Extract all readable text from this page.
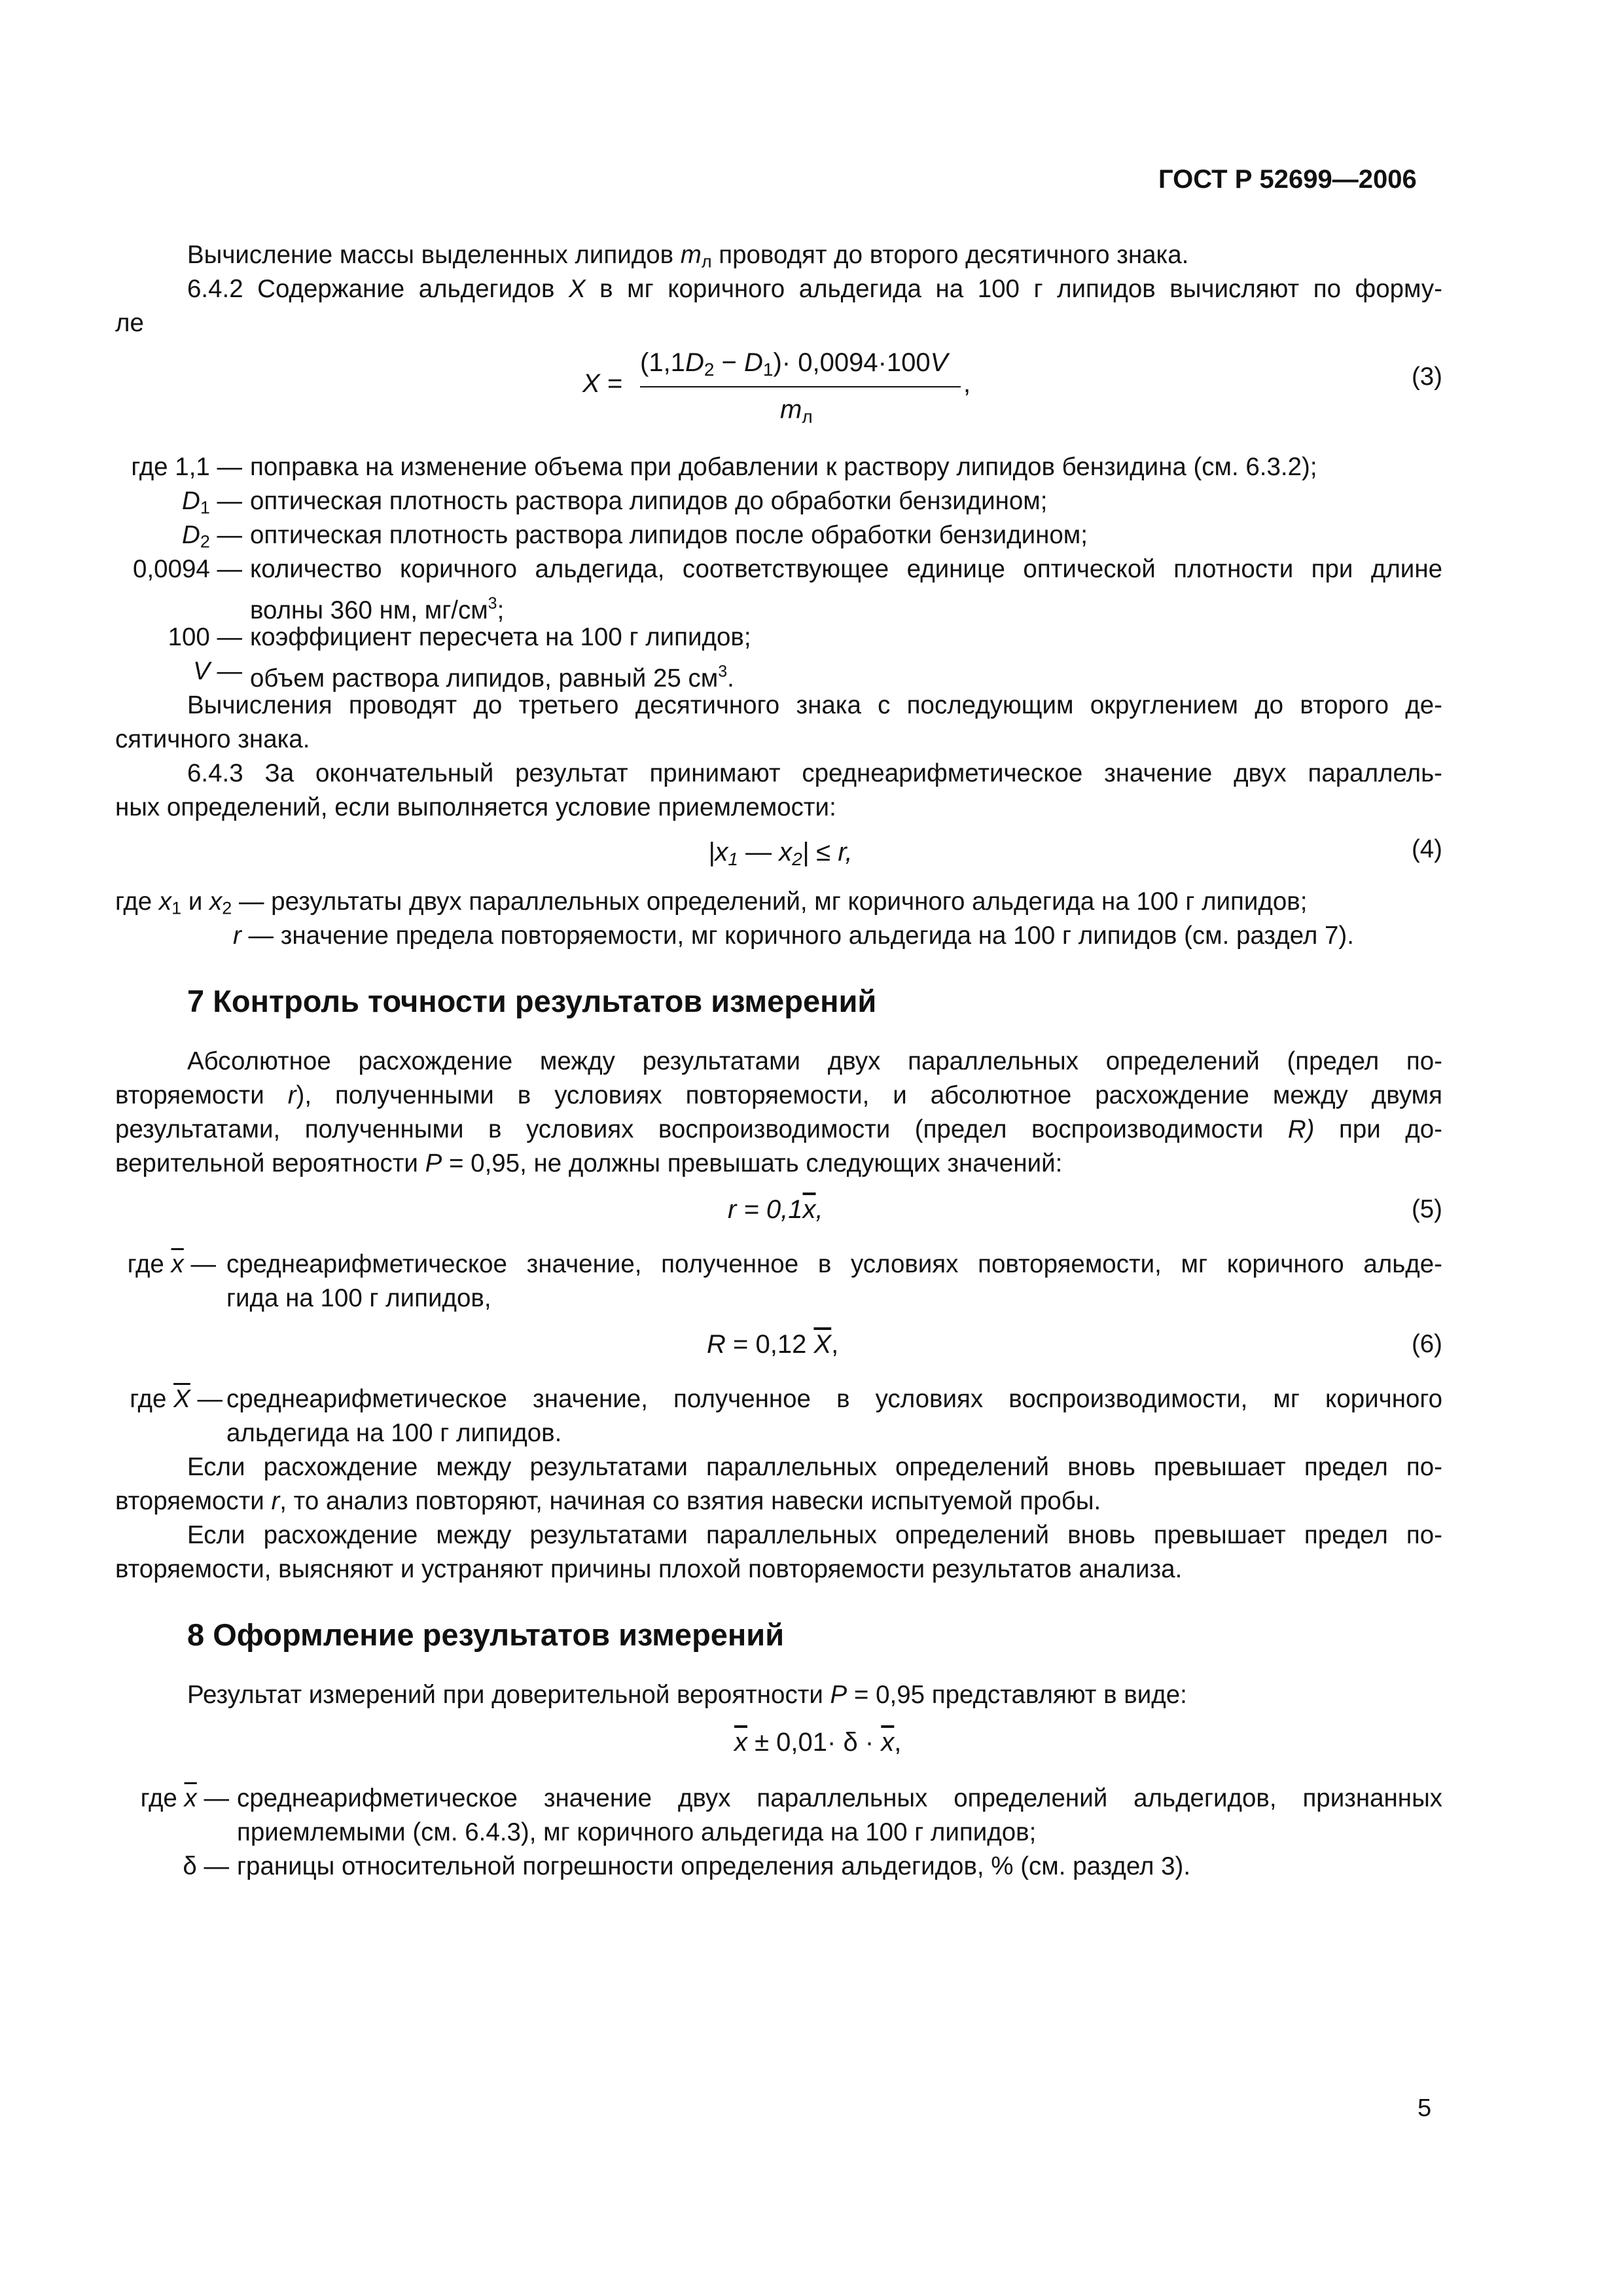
ГОСТ Р 52699—2006
Вычисление массы выделенных липидов $m_л$ проводят до второго десятичного знака.
6.4.2 Содержание альдегидов X в мг коричного альдегида на 100 г липидов вычисляют по форму-
ле
X =
$(1,1D_2 - D_1)\cdot 0,0094\cdot 100V$
$m_л$
,	(3)
где 1,1 — поправка на изменение объема при добавлении к раствору липидов бензидина (см. 6.3.2);
$D_1$ — оптическая плотность раствора липидов до обработки бензидином;
$D_2$ — оптическая плотность раствора липидов после обработки бензидином;
0,0094 — количество коричного альдегида, соответствующее единице оптической плотности при длине
волны 360 нм, $мг/см^3$;
100 — коэффициент пересчета на 100 г липидов;
V — объем раствора липидов, равный 25 $см^3$.
Вычисления проводят до третьего десятичного знака с последующим округлением до второго де-
сятичного знака.
6.4.3 За окончательный результат принимают среднеарифметическое значение двух параллель-
ных определений, если выполняется условие приемлемости:
$|x_1$ — $x_2| \le r$,	(4)
где $x_1$ и $x_2$ — результаты двух параллельных определений, мг коричного альдегида на 100 г липидов;
r — значение предела повторяемости, мг коричного альдегида на 100 г липидов (см. раздел 7).
7 Контроль точности результатов измерений
Абсолютное расхождение между результатами двух параллельных определений (предел по-
вторяемости r), полученными в условиях повторяемости, и абсолютное расхождение между двумя
результатами, полученными в условиях воспроизводимости (предел воспроизводимости R) при до-
верительной вероятности P = 0,95, не должны превышать следующих значений:
$r = 0,1\overline{x}$,	(5)
где $\overline{x}$ — среднеарифметическое значение, полученное в условиях повторяемости, мг коричного альде-
гида на 100 г липидов,
R = 0,12 $\overline{X}$,	(6)
где $\overline{X}$ — среднеарифметическое значение, полученное в условиях воспроизводимости, мг коричного
альдегида на 100 г липидов.
Если расхождение между результатами параллельных определений вновь превышает предел по-
вторяемости r, то анализ повторяют, начиная со взятия навески испытуемой пробы.
Если расхождение между результатами параллельных определений вновь превышает предел по-
вторяемости, выясняют и устраняют причины плохой повторяемости результатов анализа.
8 Оформление результатов измерений
Результат измерений при доверительной вероятности P = 0,95 представляют в виде:
$\overline{x} \pm 0,01\cdot \delta \cdot \overline{x}$,
где $\overline{x}$ — среднеарифметическое значение двух параллельных определений альдегидов, признанных
приемлемыми (см. 6.4.3), мг коричного альдегида на 100 г липидов;
δ — границы относительной погрешности определения альдегидов, % (см. раздел 3).
5
